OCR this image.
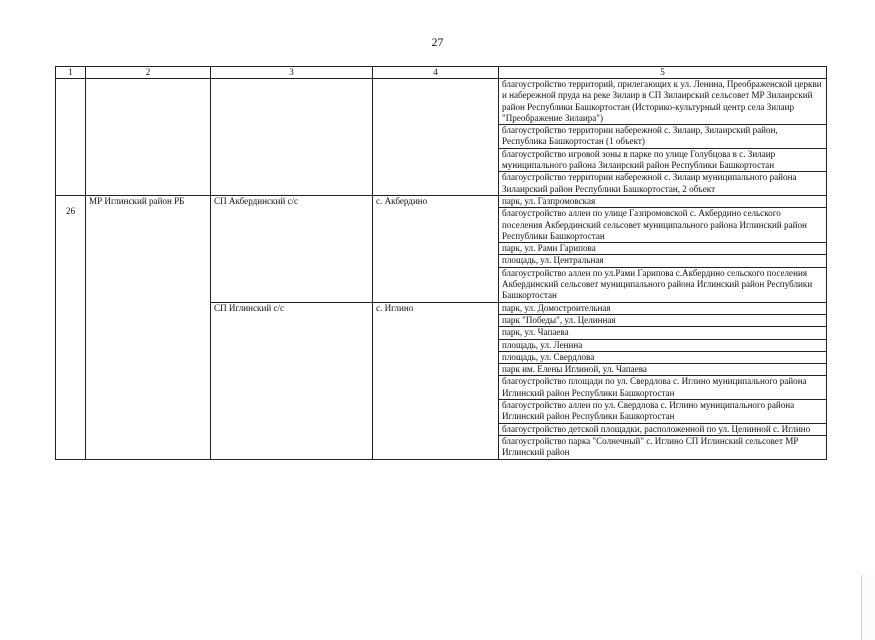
27
1	2	3	4	5
				благоустройство территорий, прилегающих к ул. Ленина, Преображенской церкви и набережной пруда на реке Зилаир в СП Зилаирский сельсовет МР Зилаирский район Республики Башкортостан (Историко-культурный центр села Зилаир "Преображение Зилаира")
				благоустройство территории набережной с. Зилаир, Зилаирский район, Республика Башкортостан (1 объект)
				благоустройство игровой зоны в парке по улице Голубцова в с. Зилаир муниципального района Зилаирский район Республики Башкортостан
				благоустройство территории набережной с. Зилаир муниципального района Зилаирский район Республики Башкортостан, 2 объект

26	МР Иглинский район РБ	СП Акбердинский с/с	с. Акбердино	парк, ул. Газпромовская
				благоустройство аллеи по улице Газпромовской с. Акбердино сельского поселения Акбердинский сельсовет муниципального района Иглинский район Республики Башкортостан
				парк, ул. Рами Гарипова
				площадь, ул. Центральная
				благоустройство аллеи по ул.Рами Гарипова с.Акбердино сельского поселения Акбердинский сельсовет муниципального района Иглинский район Республики Башкортостан
		СП Иглинский с/с	с. Иглино	парк, ул. Домостроительная
				парк "Победы", ул. Целинная
				парк, ул. Чапаева
				площадь, ул. Ленина
				площадь, ул. Свердлова
				парк им. Елены Иглиной, ул. Чапаева
				благоустройство площади по ул. Свердлова с. Иглино муниципального района Иглинский район Республики Башкортостан
				благоустройство аллеи по ул. Свердлова с. Иглино муниципального района Иглинский район Республики Башкортостан
				благоустройство детской площадки, расположенной по ул. Целинной с. Иглино
				благоустройство парка "Солнечный" с. Иглино СП Иглинский сельсовет МР Иглинский район
